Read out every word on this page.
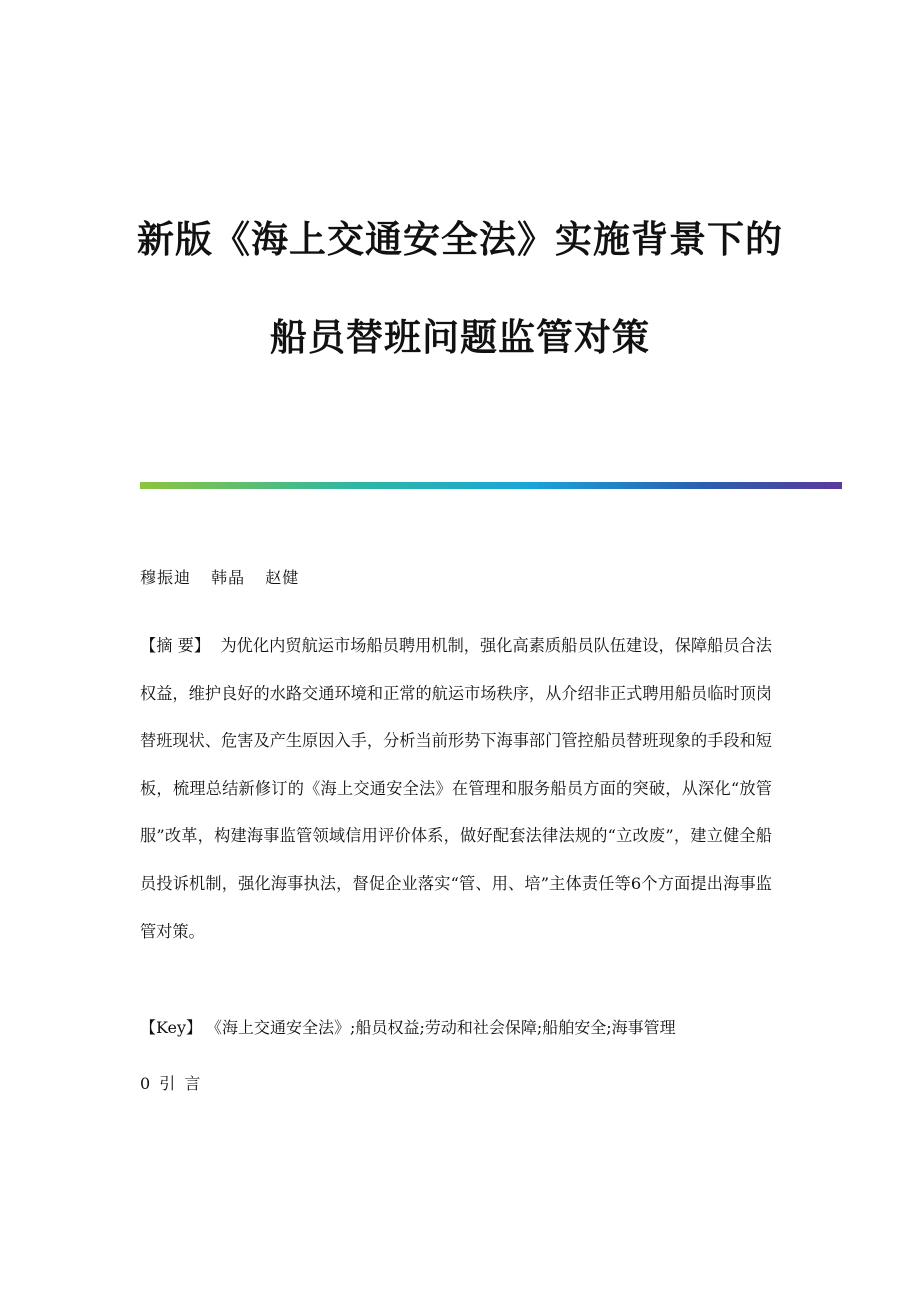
新版《海上交通安全法》实施背景下的
船员替班问题监管对策
穆振迪 韩晶 赵健

【摘 要】 为优化内贸航运市场船员聘用机制，强化高素质船员队伍建设，保障船员合法权益，维护良好的水路交通环境和正常的航运市场秩序，从介绍非正式聘用船员临时顶岗替班现状、危害及产生原因入手，分析当前形势下海事部门管控船员替班现象的手段和短板，梳理总结新修订的《海上交通安全法》在管理和服务船员方面的突破，从深化“放管服”改革，构建海事监管领域信用评价体系，做好配套法律法规的“立改废”，建立健全船员投诉机制，强化海事执法，督促企业落实“管、用、培”主体责任等6个方面提出海事监管对策。

【Key】 《海上交通安全法》;船员权益;劳动和社会保障;船舶安全;海事管理
0 引 言
